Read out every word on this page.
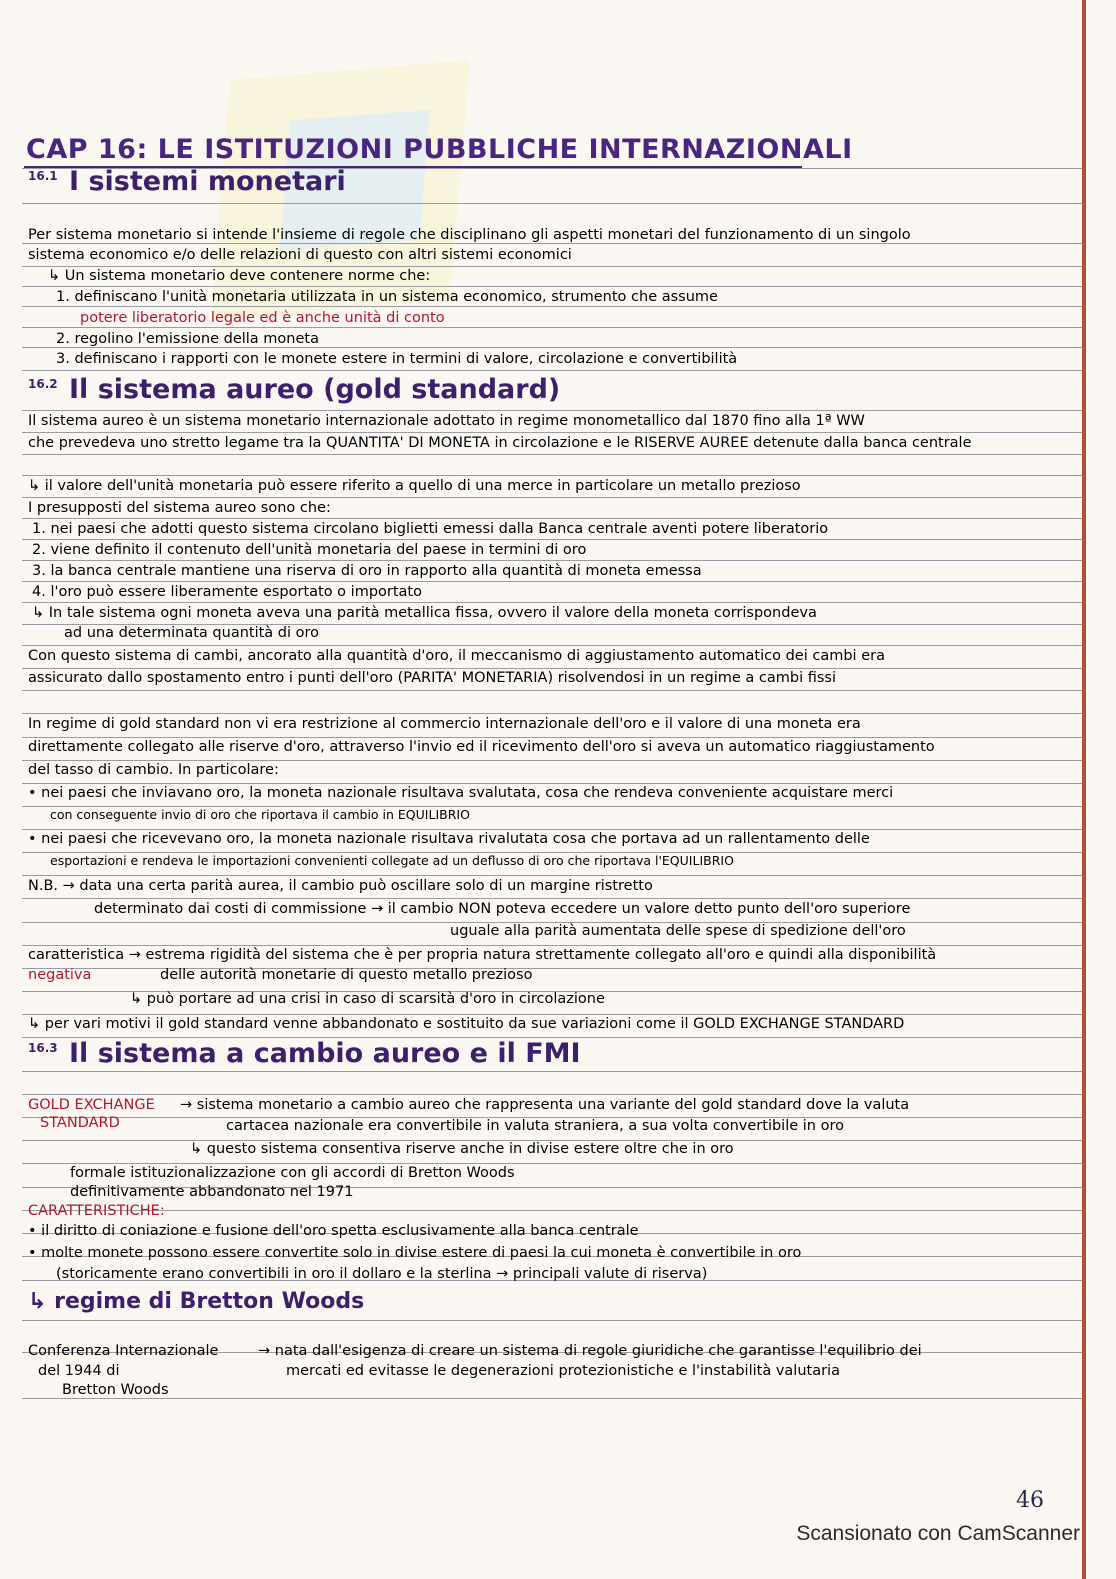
CAP 16: LE ISTITUZIONI PUBBLICHE INTERNAZIONALI
$^{16.1}$ I sistemi monetari
Per sistema monetario si intende l'insieme di regole che disciplinano gli aspetti monetari del funzionamento di un singolo
sistema economico e/o delle relazioni di questo con altri sistemi economici
↳ Un sistema monetario deve contenere norme che:
1. definiscano l'unità monetaria utilizzata in un sistema economico, strumento che assume
potere liberatorio legale ed è anche unità di conto
2. regolino l'emissione della moneta
3. definiscano i rapporti con le monete estere in termini di valore, circolazione e convertibilità
$^{16.2}$ Il sistema aureo (gold standard)
Il sistema aureo è un sistema monetario internazionale adottato in regime monometallico dal 1870 fino alla 1ª WW
che prevedeva uno stretto legame tra la QUANTITA' DI MONETA in circolazione e le RISERVE AUREE detenute dalla banca centrale
↳ il valore dell'unità monetaria può essere riferito a quello di una merce in particolare un metallo prezioso
I presupposti del sistema aureo sono che:
1. nei paesi che adotti questo sistema circolano biglietti emessi dalla Banca centrale aventi potere liberatorio
2. viene definito il contenuto dell'unità monetaria del paese in termini di oro
3. la banca centrale mantiene una riserva di oro in rapporto alla quantità di moneta emessa
4. l'oro può essere liberamente esportato o importato
↳ In tale sistema ogni moneta aveva una parità metallica fissa, ovvero il valore della moneta corrispondeva
ad una determinata quantità di oro
Con questo sistema di cambi, ancorato alla quantità d'oro, il meccanismo di aggiustamento automatico dei cambi era
assicurato dallo spostamento entro i punti dell'oro (PARITA' MONETARIA) risolvendosi in un regime a cambi fissi
In regime di gold standard non vi era restrizione al commercio internazionale dell'oro e il valore di una moneta era
direttamente collegato alle riserve d'oro, attraverso l'invio ed il ricevimento dell'oro si aveva un automatico riaggiustamento
del tasso di cambio. In particolare:
• nei paesi che inviavano oro, la moneta nazionale risultava svalutata, cosa che rendeva conveniente acquistare merci
con conseguente invio di oro che riportava il cambio in EQUILIBRIO
• nei paesi che ricevevano oro, la moneta nazionale risultava rivalutata cosa che portava ad un rallentamento delle
esportazioni e rendeva le importazioni convenienti collegate ad un deflusso di oro che riportava l'EQUILIBRIO
N.B. → data una certa parità aurea, il cambio può oscillare solo di un margine ristretto
determinato dai costi di commissione → il cambio NON poteva eccedere un valore detto punto dell'oro superiore
uguale alla parità aumentata delle spese di spedizione dell'oro
caratteristica → estrema rigidità del sistema che è per propria natura strettamente collegato all'oro e quindi alla disponibilità
negativa	delle autorità monetarie di questo metallo prezioso
↳ può portare ad una crisi in caso di scarsità d'oro in circolazione
↳ per vari motivi il gold standard venne abbandonato e sostituito da sue variazioni come il GOLD EXCHANGE STANDARD
$^{16.3}$ Il sistema a cambio aureo e il FMI
GOLD EXCHANGE
STANDARD
→ sistema monetario a cambio aureo che rappresenta una variante del gold standard dove la valuta
cartacea nazionale era convertibile in valuta straniera, a sua volta convertibile in oro
↳ questo sistema consentiva riserve anche in divise estere oltre che in oro
formale istituzionalizzazione con gli accordi di Bretton Woods
definitivamente abbandonato nel 1971
CARATTERISTICHE:
• il diritto di coniazione e fusione dell'oro spetta esclusivamente alla banca centrale
• molte monete possono essere convertite solo in divise estere di paesi la cui moneta è convertibile in oro
(storicamente erano convertibili in oro il dollaro e la sterlina → principali valute di riserva)
↳ regime di Bretton Woods
Conferenza Internazionale
del 1944 di
Bretton Woods
→ nata dall'esigenza di creare un sistema di regole giuridiche che garantisse l'equilibrio dei
mercati ed evitasse le degenerazioni protezionistiche e l'instabilità valutaria
46
Scansionato con CamScanner
